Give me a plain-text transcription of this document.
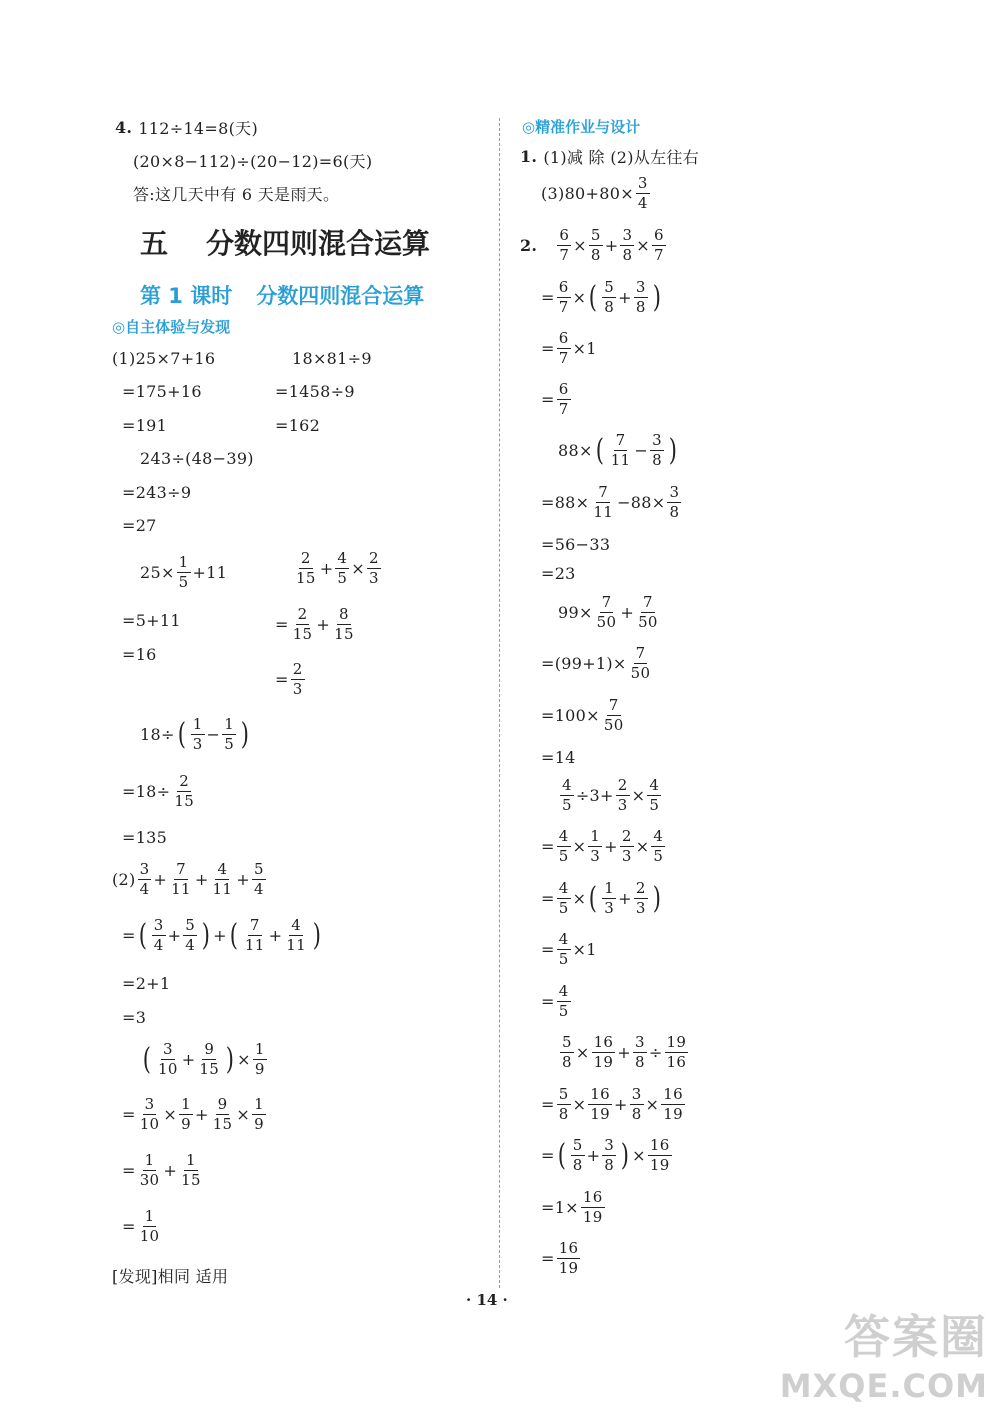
4. 112÷14=8(天)
(20×8−112)÷(20−12)=6(天)
答:这几天中有 6 天是雨天。
五 分数四则混合运算
第 1 课时 分数四则混合运算
◎自主体验与发现
(1) 25×7+16
=175+16
=191
18×81÷9
=1458÷9
=162
243÷(48−39)
=243÷9
=27
$25\times \frac{1}{5} +11$
=5+11
=16
$\frac{2}{15} + \frac{4}{5} \times \frac{2}{3}$
= $\frac{2}{15} + \frac{8}{15}$
= $\frac{2}{3}$
18÷ ( $\frac{1}{3} - \frac{1}{5}$ )
$=18\div \frac{2}{15}$
=135
$(2) \frac{3}{4} + \frac{7}{11} + \frac{4}{11} + \frac{5}{4}$
= ( $\frac{3}{4} + \frac{5}{4}$ ) + ( $\frac{7}{11} + \frac{4}{11}$ )
=2+1
=3
( $\frac{3}{10} + \frac{9}{15}$ ) × $\frac{1}{9}$
= $\frac{3}{10} \times \frac{1}{9} + \frac{9}{15} \times \frac{1}{9}$
= $\frac{1}{30} + \frac{1}{15}$
= $\frac{1}{10}$
[发现]相同 适用
◎精准作业与设计
1. (1)减 除 (2)从左往右
$(3)80+80\times \frac{3}{4}$
2. $\frac{6}{7} \times \frac{5}{8} + \frac{3}{8} \times \frac{6}{7}$
= $\frac{6}{7}$ × ( $\frac{5}{8} + \frac{3}{8}$ )
= $\frac{6}{7} \times 1$
= $\frac{6}{7}$
88× ( $\frac{7}{11} - \frac{3}{8}$ )
$=88\times \frac{7}{11} -88\times \frac{3}{8}$
=56−33
=23
$99\times \frac{7}{50} + \frac{7}{50}$
$=(99+1)\times \frac{7}{50}$
$=100\times \frac{7}{50}$
=14
$\frac{4}{5} \div 3+ \frac{2}{3} \times \frac{4}{5}$
= $\frac{4}{5} \times \frac{1}{3} + \frac{2}{3} \times \frac{4}{5}$
= $\frac{4}{5}$ × ( $\frac{1}{3} + \frac{2}{3}$ )
= $\frac{4}{5} \times 1$
= $\frac{4}{5}$
$\frac{5}{8} \times \frac{16}{19} + \frac{3}{8} \div \frac{19}{16}$
= $\frac{5}{8} \times \frac{16}{19} + \frac{3}{8} \times \frac{16}{19}$
= ( $\frac{5}{8} + \frac{3}{8}$ ) × $\frac{16}{19}$
$=1\times \frac{16}{19}$
= $\frac{16}{19}$
· 14 ·
答案圈
MXQE.COM
